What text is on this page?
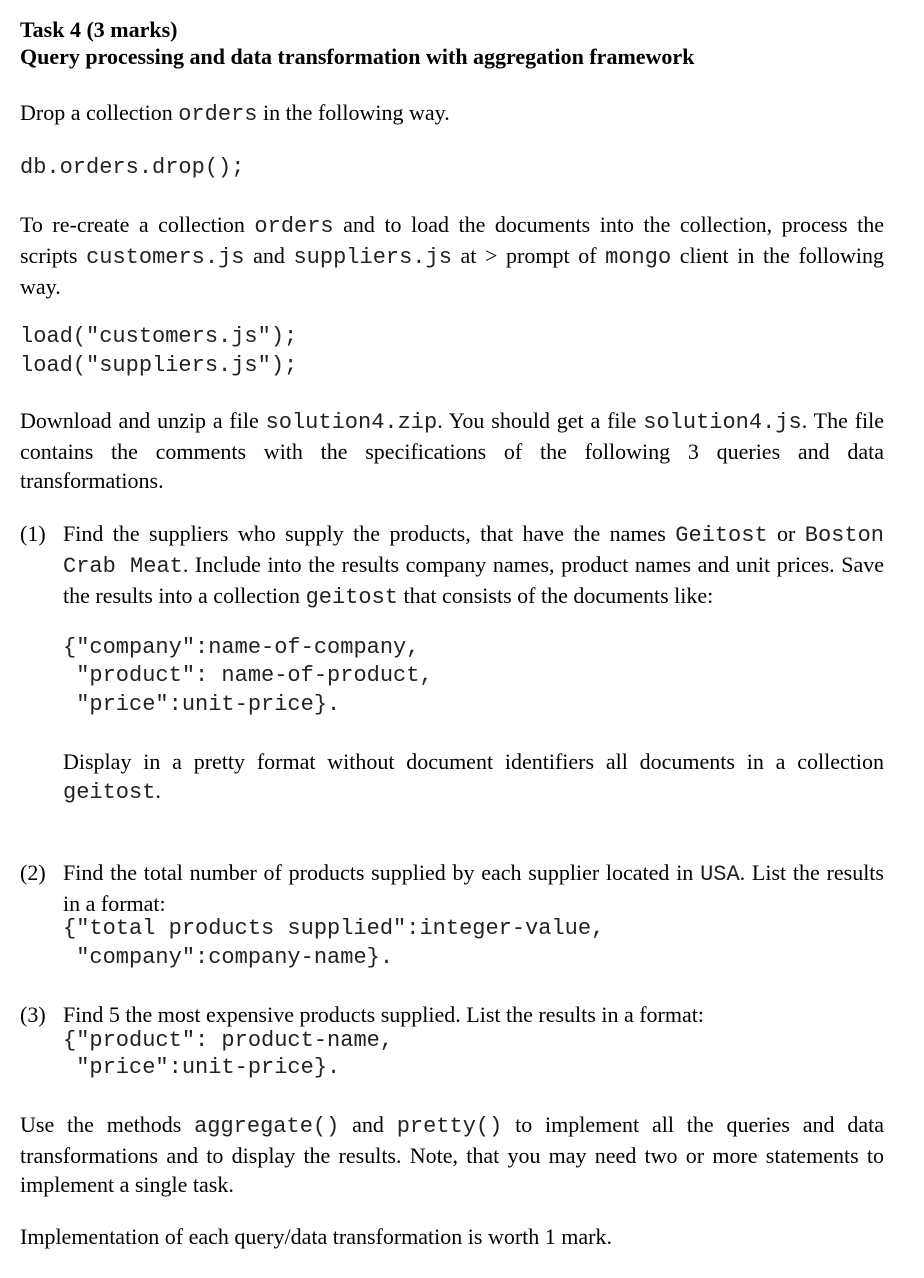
Task 4 (3 marks)
Query processing and data transformation with aggregation framework
Drop a collection orders in the following way.
db.orders.drop();
To re-create a collection orders and to load the documents into the collection, process the scripts customers.js and suppliers.js at > prompt of mongo client in the following way.
load("customers.js");
load("suppliers.js");
Download and unzip a file solution4.zip. You should get a file solution4.js. The file contains the comments with the specifications of the following 3 queries and data transformations.
(1) Find the suppliers who supply the products, that have the names Geitost or Boston Crab Meat. Include into the results company names, product names and unit prices. Save the results into a collection geitost that consists of the documents like:
{"company":name-of-company,
"product": name-of-product,
"price":unit-price}.
Display in a pretty format without document identifiers all documents in a collection geitost.
(2) Find the total number of products supplied by each supplier located in USA. List the results in a format:
{"total products supplied":integer-value,
"company":company-name}.
(3) Find 5 the most expensive products supplied. List the results in a format:
{"product": product-name,
"price":unit-price}.
Use the methods aggregate() and pretty() to implement all the queries and data transformations and to display the results. Note, that you may need two or more statements to implement a single task.
Implementation of each query/data transformation is worth 1 mark.
